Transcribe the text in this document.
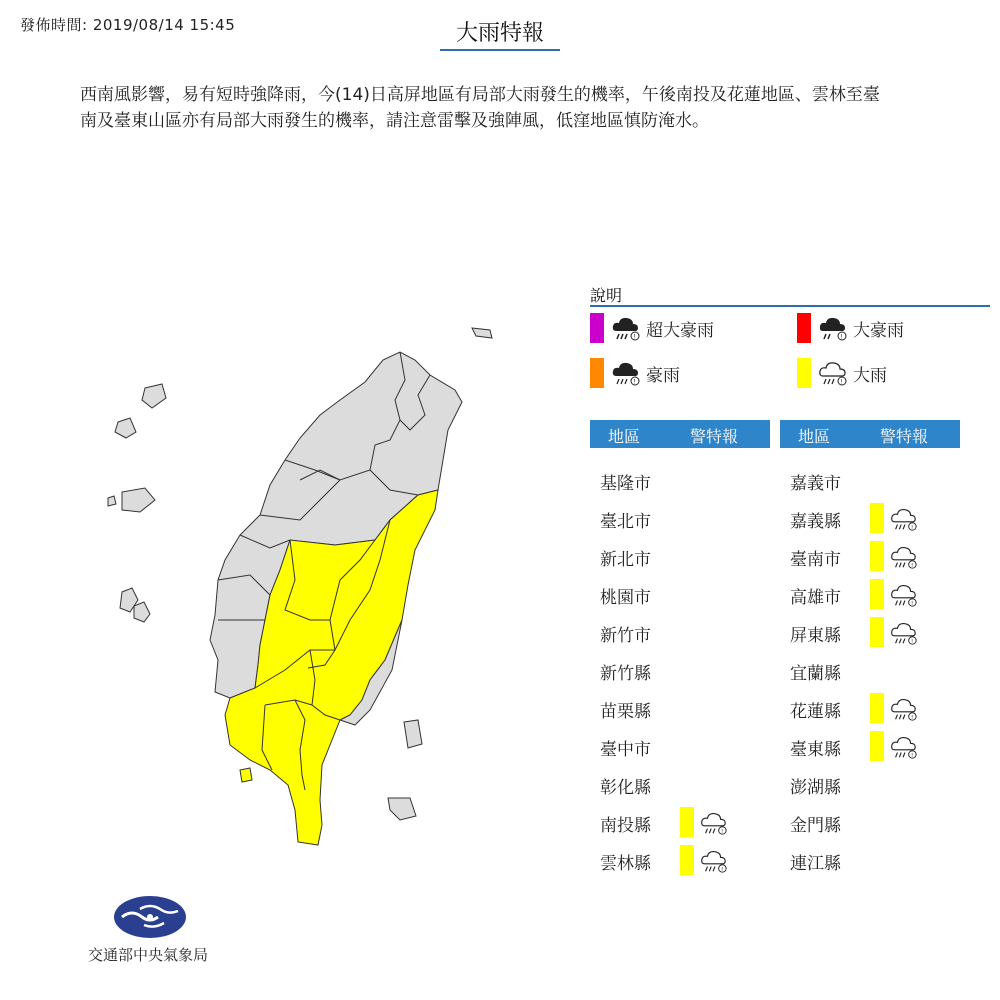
發佈時間: 2019/08/14 15:45	大雨特報
西南風影響，易有短時強降雨，今(14)日高屏地區有局部大雨發生的機率，午後南投及花蓮地區、雲林至臺南及臺東山區亦有局部大雨發生的機率，請注意雷擊及強陣風，低窪地區慎防淹水。
說明
! 超大豪雨	! 大豪雨
! 豪雨	! 大雨
地區	警特報	地區	警特報
基隆市
臺北市
新北市
桃園市
新竹市
新竹縣
苗栗縣
臺中市
彰化縣
南投縣	!
雲林縣	!
嘉義市
嘉義縣	!
臺南市	!
高雄市	!
屏東縣	!
宜蘭縣
花蓮縣	!
臺東縣	!
澎湖縣
金門縣
連江縣
交通部中央氣象局
